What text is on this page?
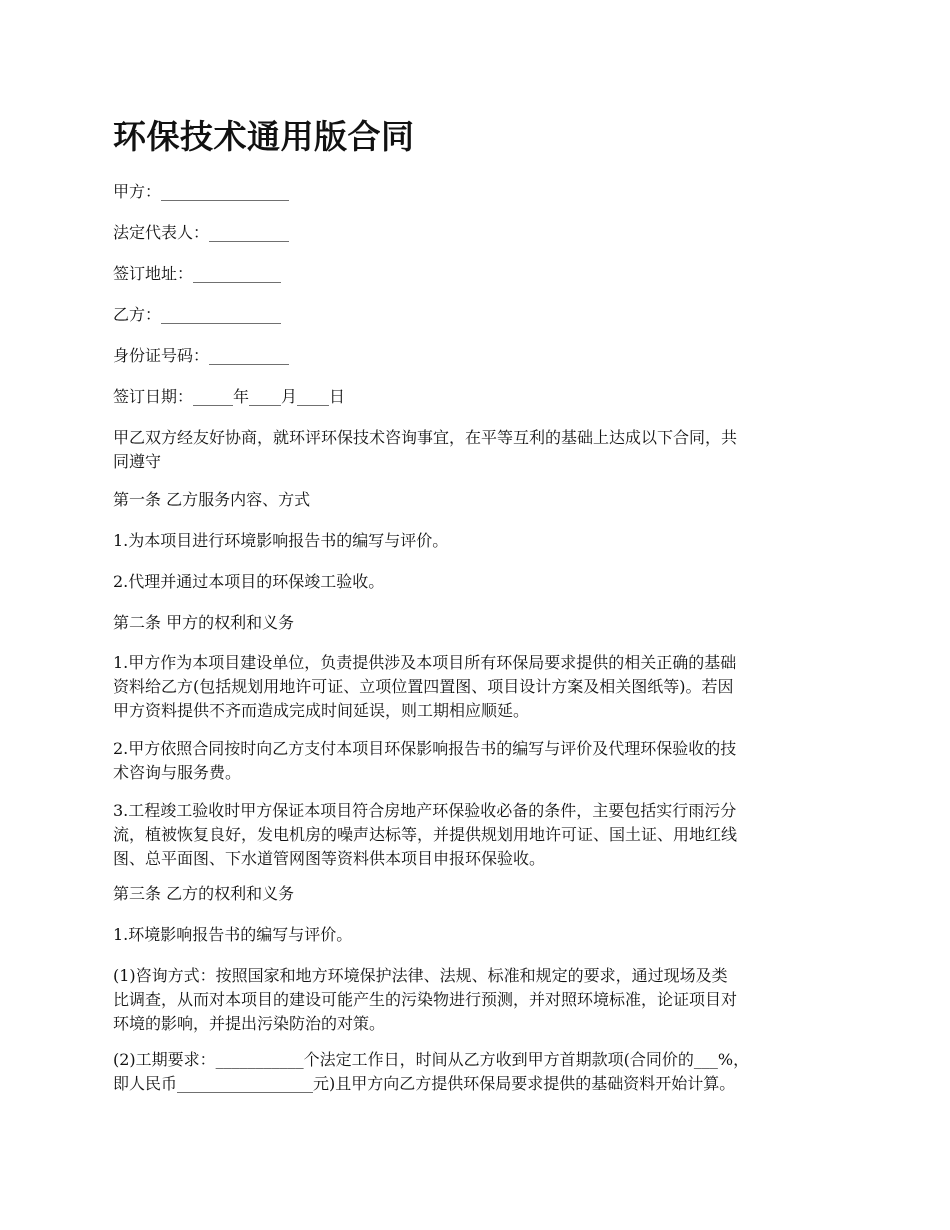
环保技术通用版合同

甲方：________________

法定代表人：__________

签订地址：___________

乙方：_______________

身份证号码：__________

签订日期：_____年____月____日

甲乙双方经友好协商，就环评环保技术咨询事宜，在平等互利的基础上达成以下合同，共
同遵守

第一条 乙方服务内容、方式

1.为本项目进行环境影响报告书的编写与评价。

2.代理并通过本项目的环保竣工验收。

第二条 甲方的权利和义务

1.甲方作为本项目建设单位，负责提供涉及本项目所有环保局要求提供的相关正确的基础
资料给乙方(包括规划用地许可证、立项位置四置图、项目设计方案及相关图纸等)。若因
甲方资料提供不齐而造成完成时间延误，则工期相应顺延。

2.甲方依照合同按时向乙方支付本项目环保影响报告书的编写与评价及代理环保验收的技
术咨询与服务费。

3.工程竣工验收时甲方保证本项目符合房地产环保验收必备的条件，主要包括实行雨污分
流，植被恢复良好，发电机房的噪声达标等，并提供规划用地许可证、国土证、用地红线
图、总平面图、下水道管网图等资料供本项目申报环保验收。

第三条 乙方的权利和义务

1.环境影响报告书的编写与评价。

(1)咨询方式：按照国家和地方环境保护法律、法规、标准和规定的要求，通过现场及类
比调查，从而对本项目的建设可能产生的污染物进行预测，并对照环境标准，论证项目对
环境的影响，并提出污染防治的对策。

(2)工期要求：___________个法定工作日，时间从乙方收到甲方首期款项(合同价的___%，
即人民币_________________元)且甲方向乙方提供环保局要求提供的基础资料开始计算。
